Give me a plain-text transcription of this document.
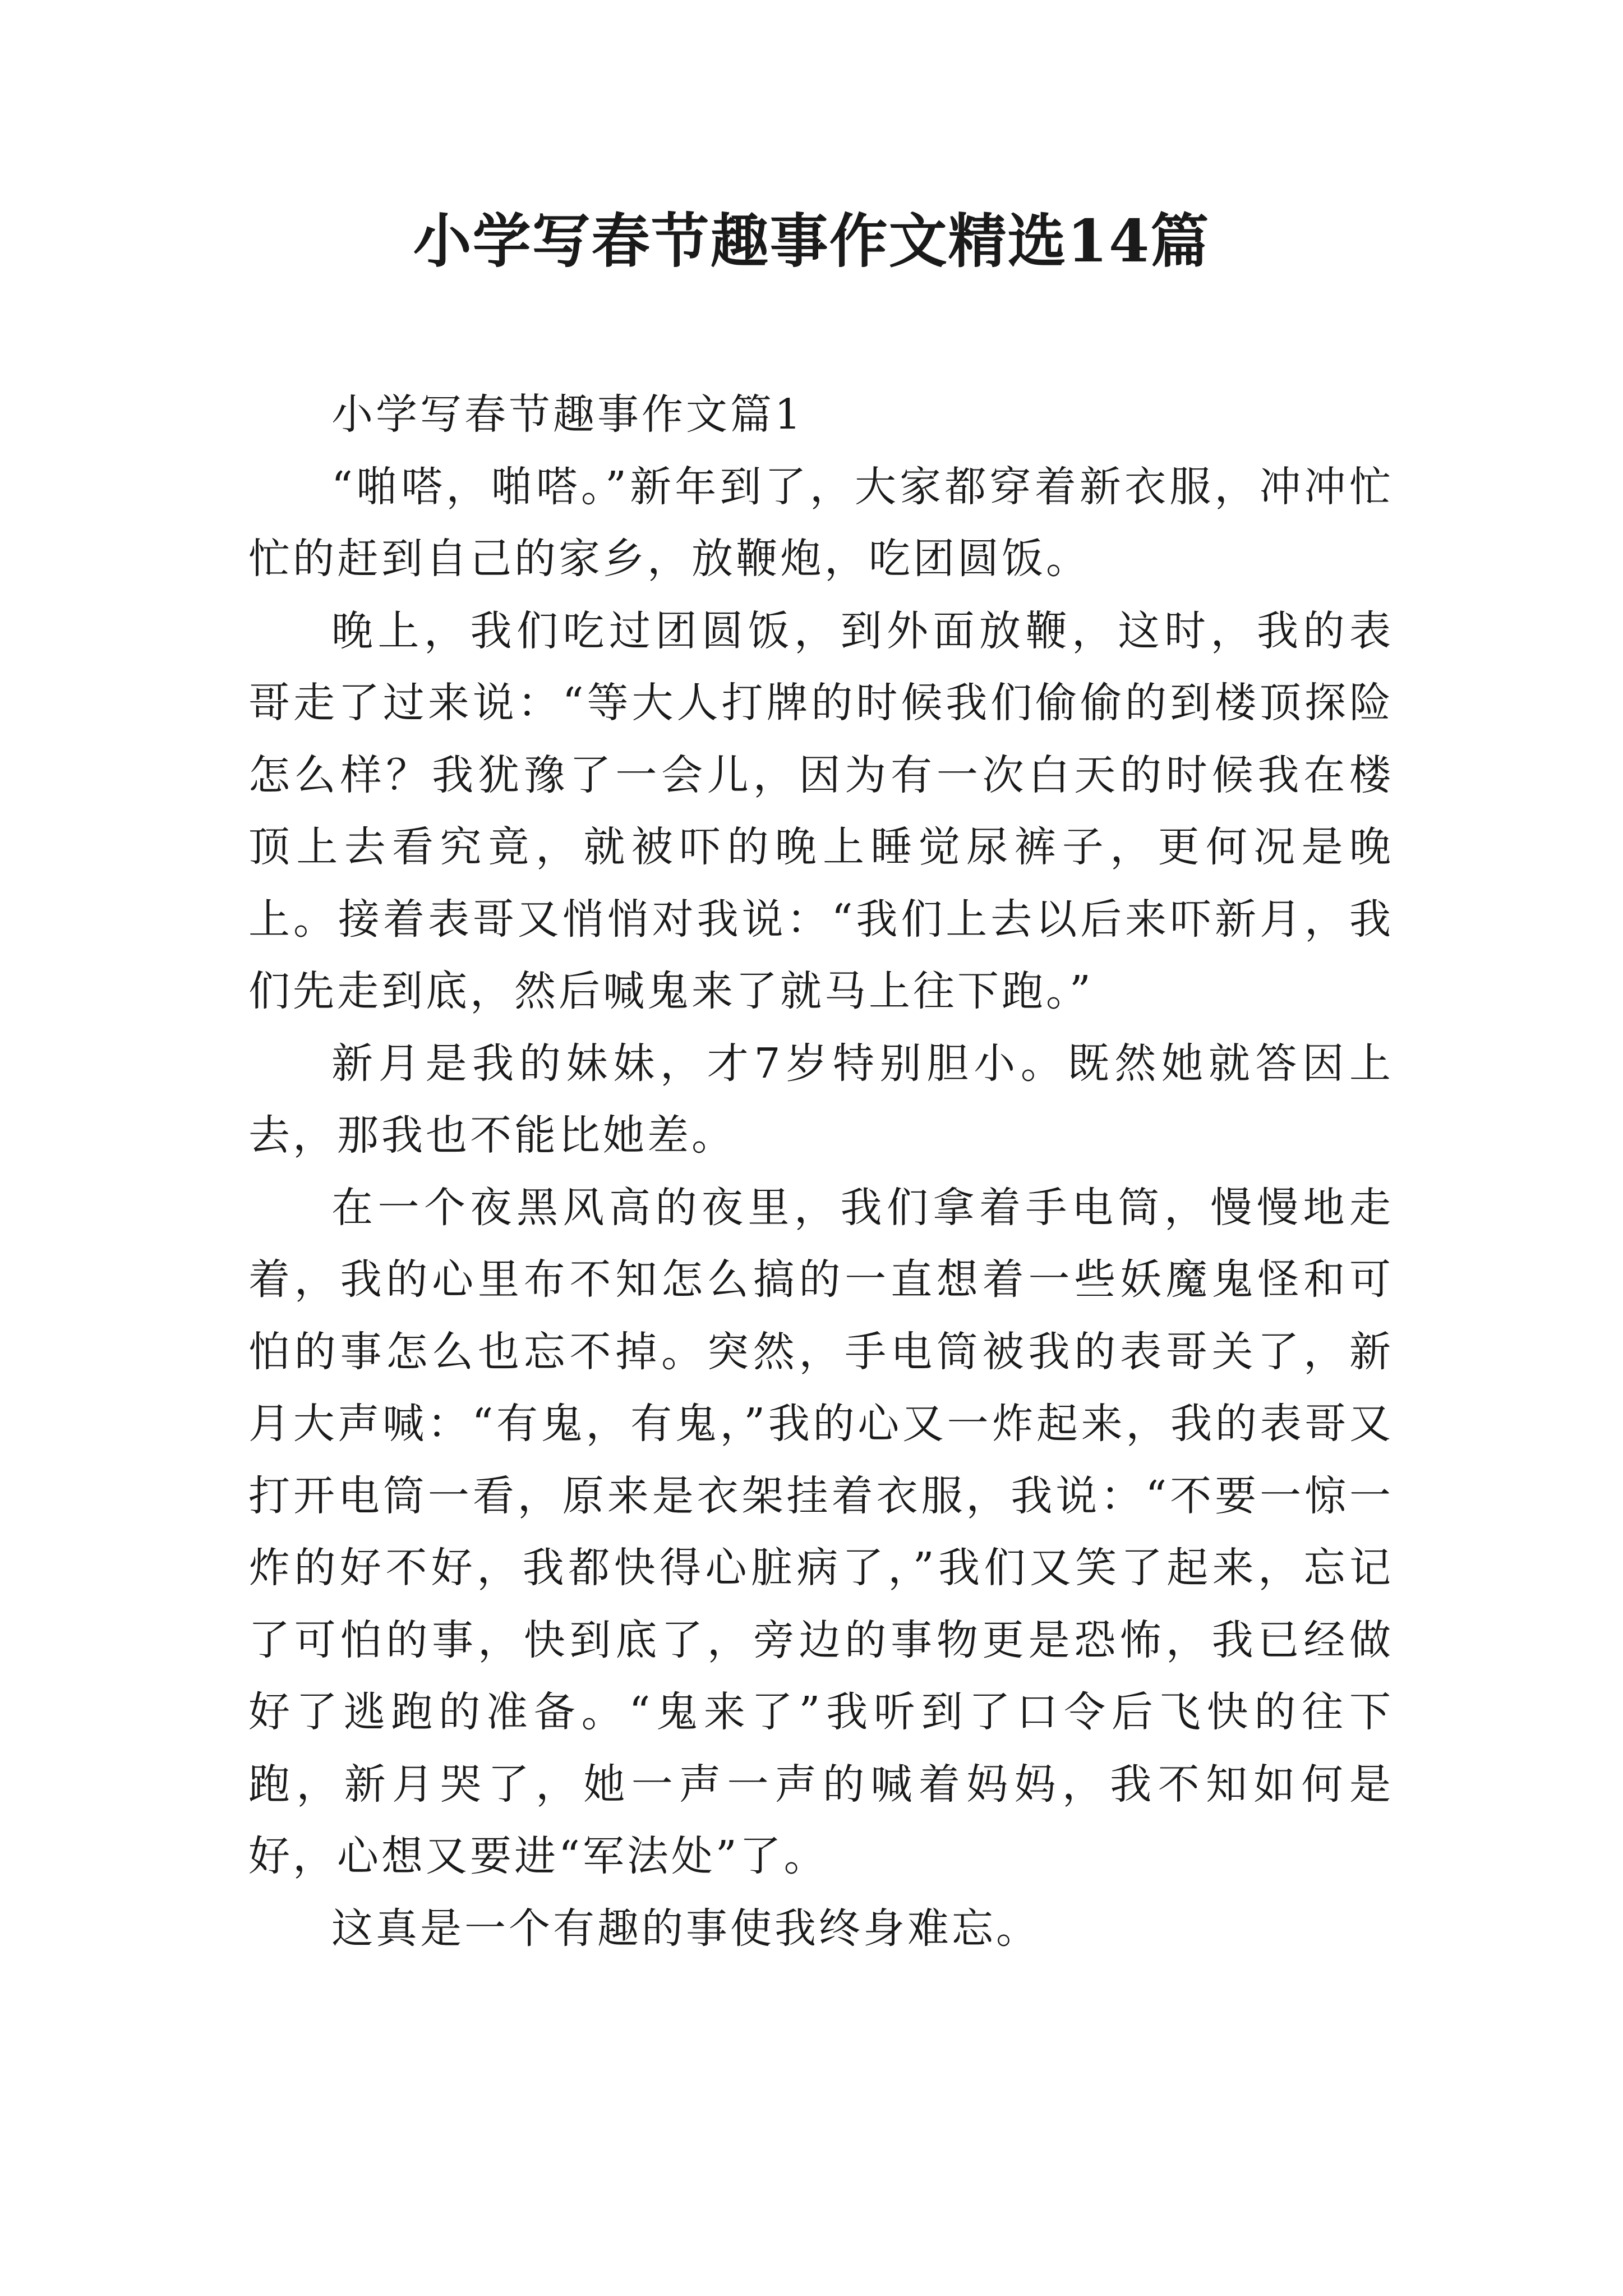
小学写春节趣事作文精选14篇

小学写春节趣事作文篇1

“啪嗒，啪嗒。”新年到了，大家都穿着新衣服，冲冲忙忙的赶到自己的家乡，放鞭炮，吃团圆饭。

晚上，我们吃过团圆饭，到外面放鞭，这时，我的表哥走了过来说：“等大人打牌的时候我们偷偷的到楼顶探险怎么样？我犹豫了一会儿，因为有一次白天的时候我在楼顶上去看究竟，就被吓的晚上睡觉尿裤子，更何况是晚上。接着表哥又悄悄对我说：“我们上去以后来吓新月，我们先走到底，然后喊鬼来了就马上往下跑。”

新月是我的妹妹，才7岁特别胆小。既然她就答因上去，那我也不能比她差。

在一个夜黑风高的夜里，我们拿着手电筒，慢慢地走着，我的心里布不知怎么搞的一直想着一些妖魔鬼怪和可怕的事怎么也忘不掉。突然，手电筒被我的表哥关了，新月大声喊：“有鬼，有鬼，”我的心又一炸起来，我的表哥又打开电筒一看，原来是衣架挂着衣服，我说：“不要一惊一炸的好不好，我都快得心脏病了，”我们又笑了起来，忘记了可怕的事，快到底了，旁边的事物更是恐怖，我已经做好了逃跑的准备。“鬼来了”我听到了口令后飞快的往下跑，新月哭了，她一声一声的喊着妈妈，我不知如何是好，心想又要进“军法处”了。

这真是一个有趣的事使我终身难忘。
